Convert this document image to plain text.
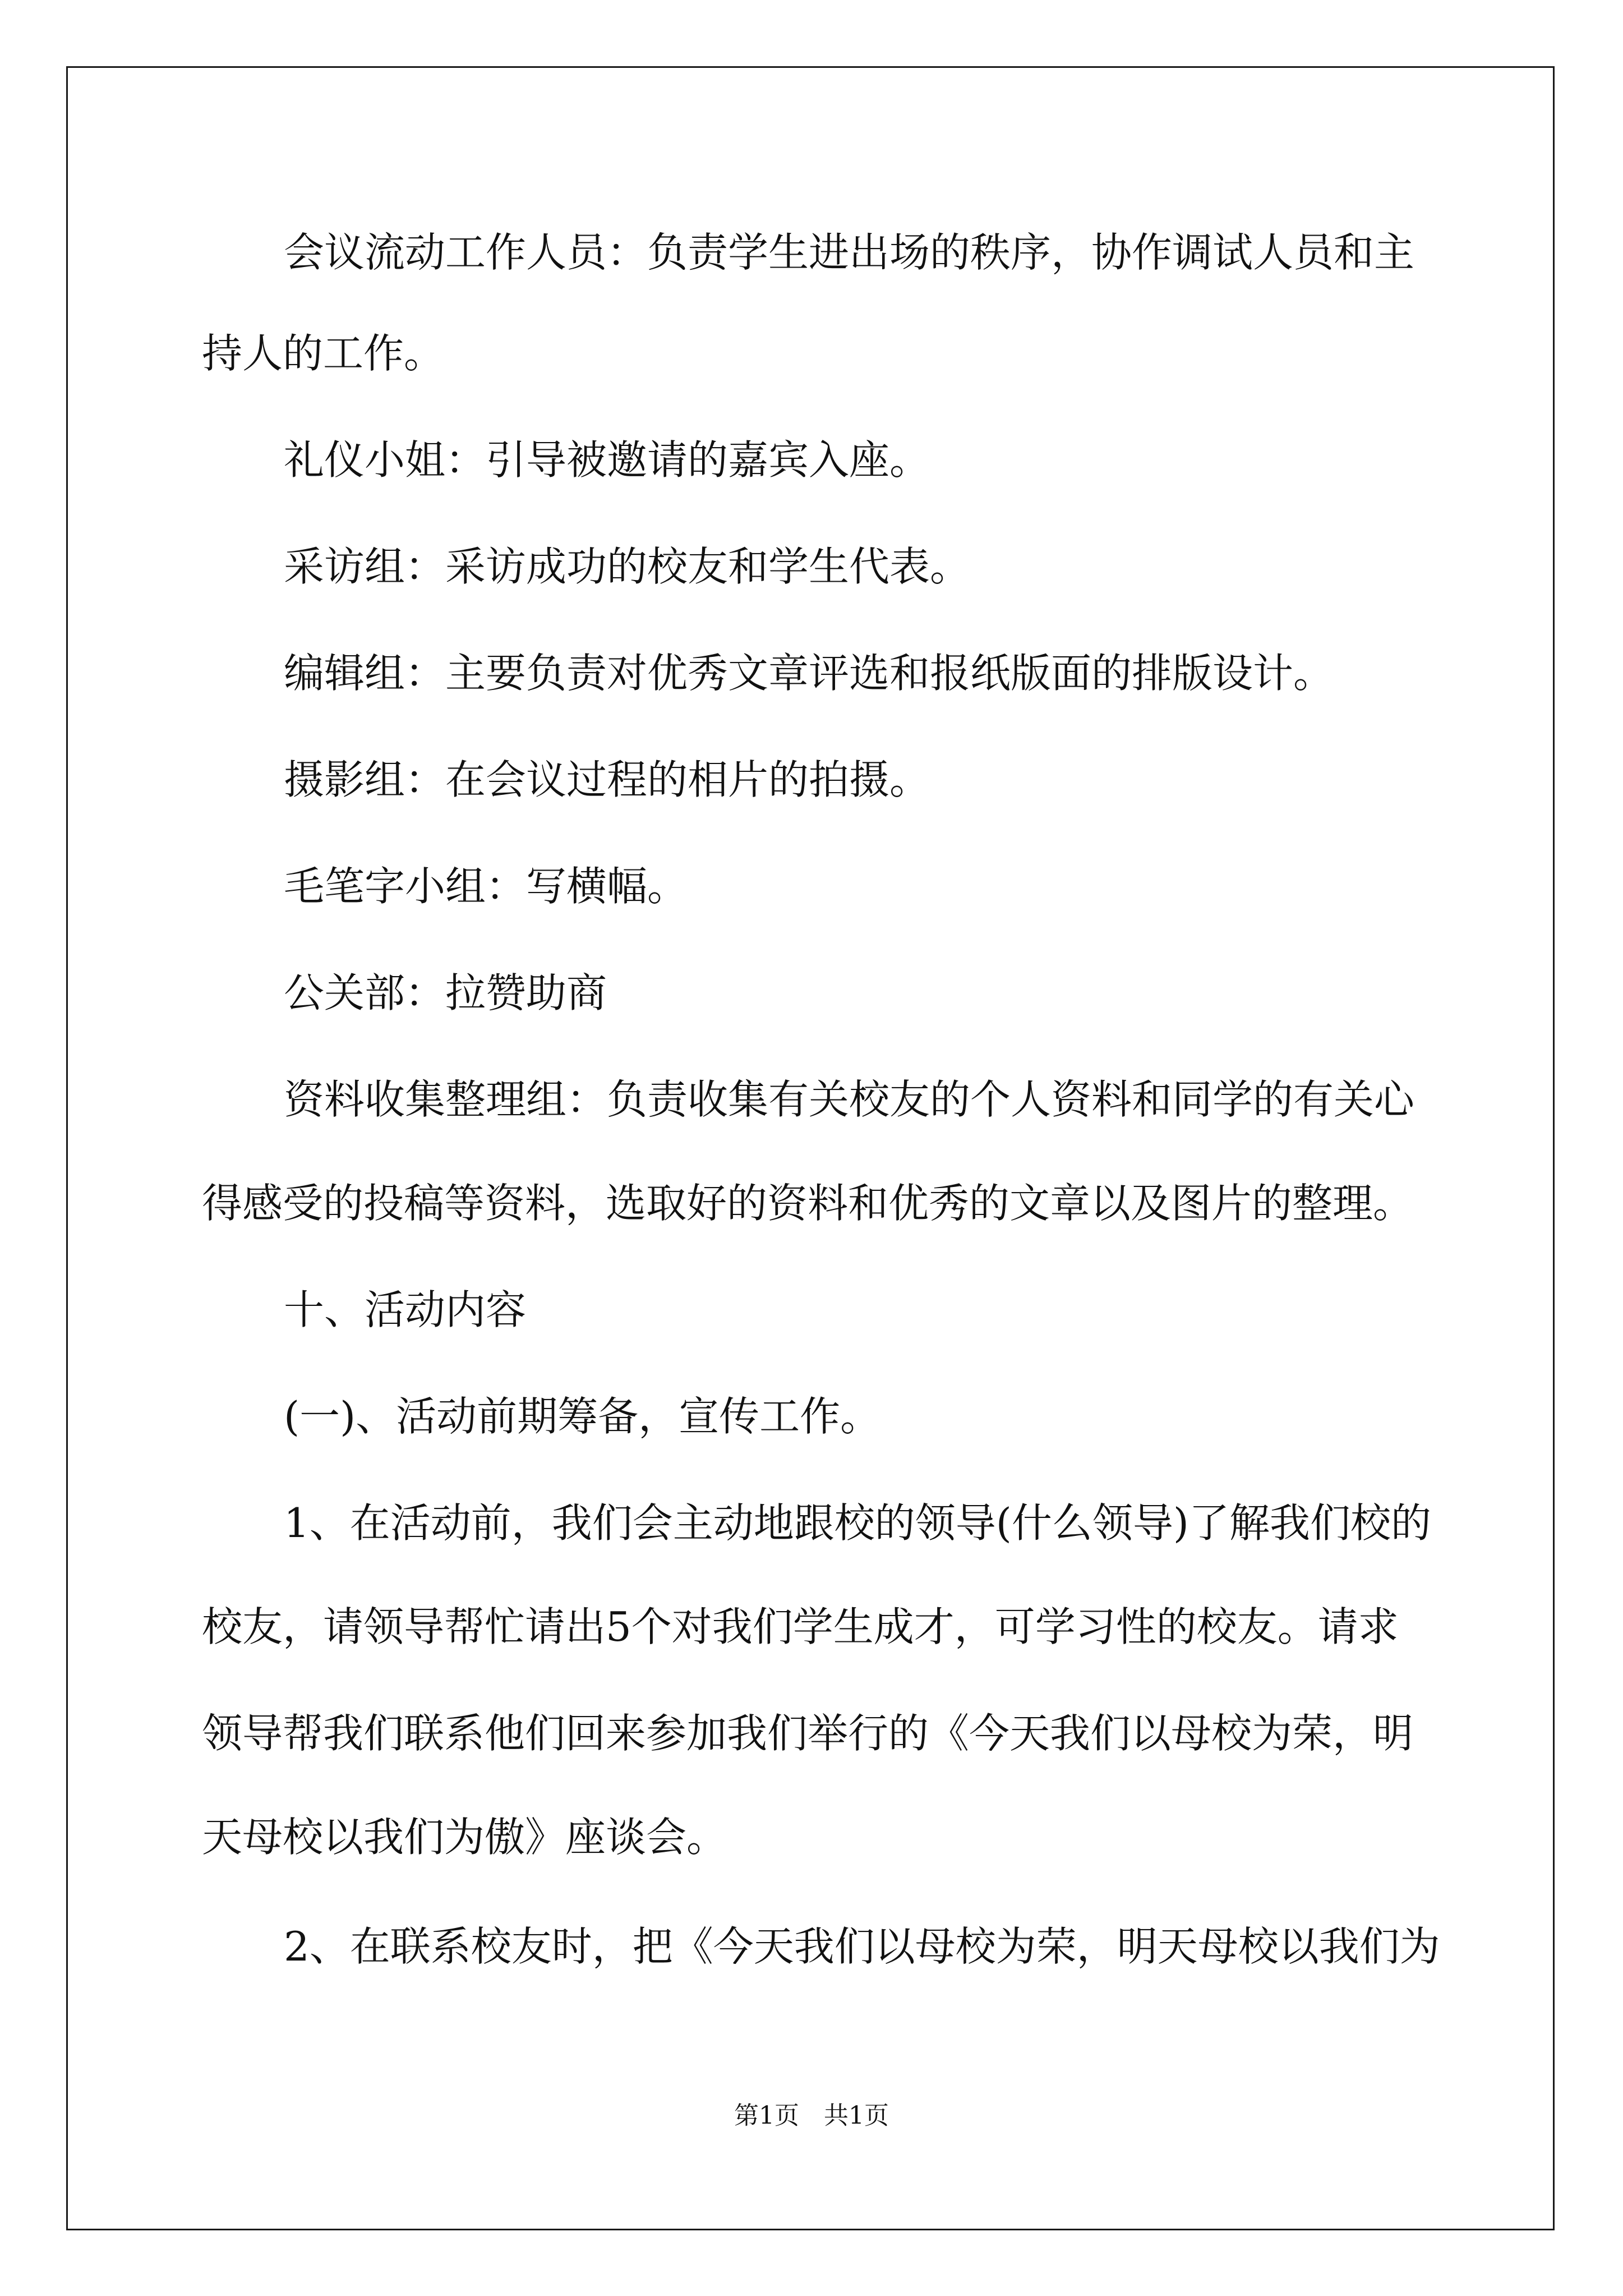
会议流动工作人员：负责学生进出场的秩序，协作调试人员和主
持人的工作。
礼仪小姐：引导被邀请的嘉宾入座。
采访组：采访成功的校友和学生代表。
编辑组：主要负责对优秀文章评选和报纸版面的排版设计。
摄影组：在会议过程的相片的拍摄。
毛笔字小组：写横幅。
公关部：拉赞助商
资料收集整理组：负责收集有关校友的个人资料和同学的有关心
得感受的投稿等资料，选取好的资料和优秀的文章以及图片的整理。
十、活动内容
(一)、活动前期筹备，宣传工作。
1、在活动前，我们会主动地跟校的领导(什么领导)了解我们校的
校友，请领导帮忙请出5个对我们学生成才，可学习性的校友。请求
领导帮我们联系他们回来参加我们举行的《今天我们以母校为荣，明
天母校以我们为傲》座谈会。
2、在联系校友时，把《今天我们以母校为荣，明天母校以我们为
第1页　共1页
